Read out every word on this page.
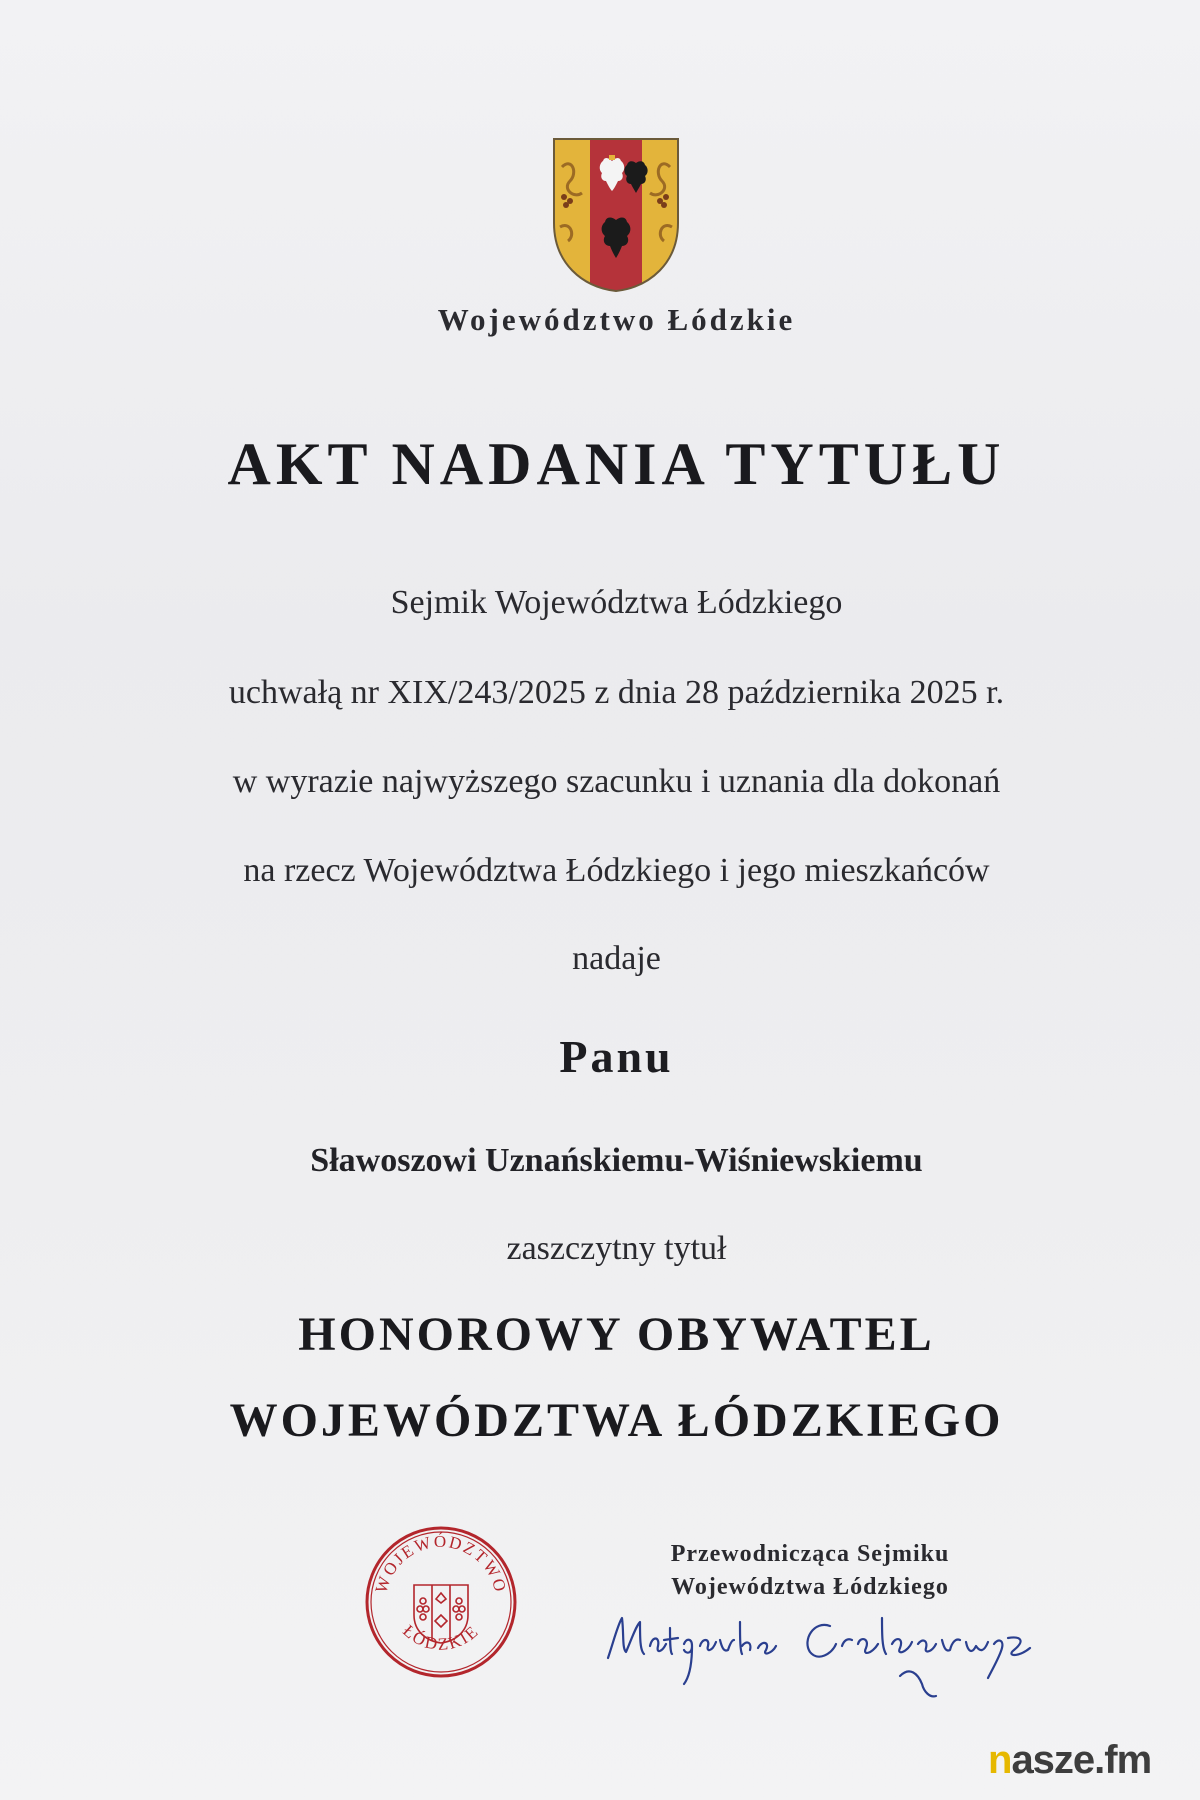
Województwo Łódzkie
AKT NADANIA TYTUŁU
Sejmik Województwa Łódzkiego
uchwałą nr XIX/243/2025 z dnia 28 października 2025 r.
w wyrazie najwyższego szacunku i uznania dla dokonań
na rzecz Województwa Łódzkiego i jego mieszkańców
nadaje
Panu
Sławoszowi Uznańskiemu-Wiśniewskiemu
zaszczytny tytuł
HONOROWY OBYWATEL
WOJEWÓDZTWA ŁÓDZKIEGO
WOJEWÓDZTWO
ŁÓDZKIE
Przewodnicząca Sejmiku
Województwa Łódzkiego
nasze.fm
